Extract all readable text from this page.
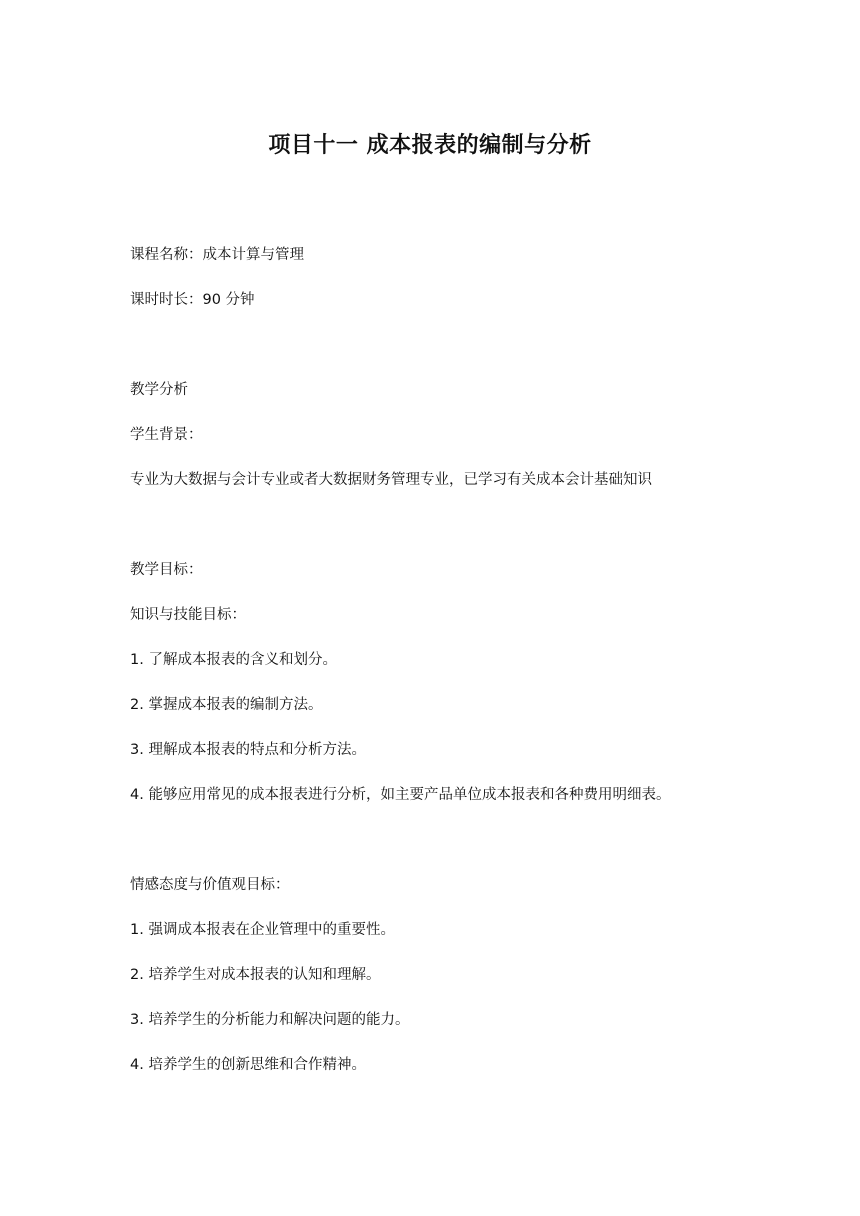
项目十一 成本报表的编制与分析
课程名称：成本计算与管理
课时时长：90 分钟
教学分析
学生背景：
专业为大数据与会计专业或者大数据财务管理专业，已学习有关成本会计基础知识
教学目标：
知识与技能目标：
1. 了解成本报表的含义和划分。
2. 掌握成本报表的编制方法。
3. 理解成本报表的特点和分析方法。
4. 能够应用常见的成本报表进行分析，如主要产品单位成本报表和各种费用明细表。
情感态度与价值观目标：
1. 强调成本报表在企业管理中的重要性。
2. 培养学生对成本报表的认知和理解。
3. 培养学生的分析能力和解决问题的能力。
4. 培养学生的创新思维和合作精神。
